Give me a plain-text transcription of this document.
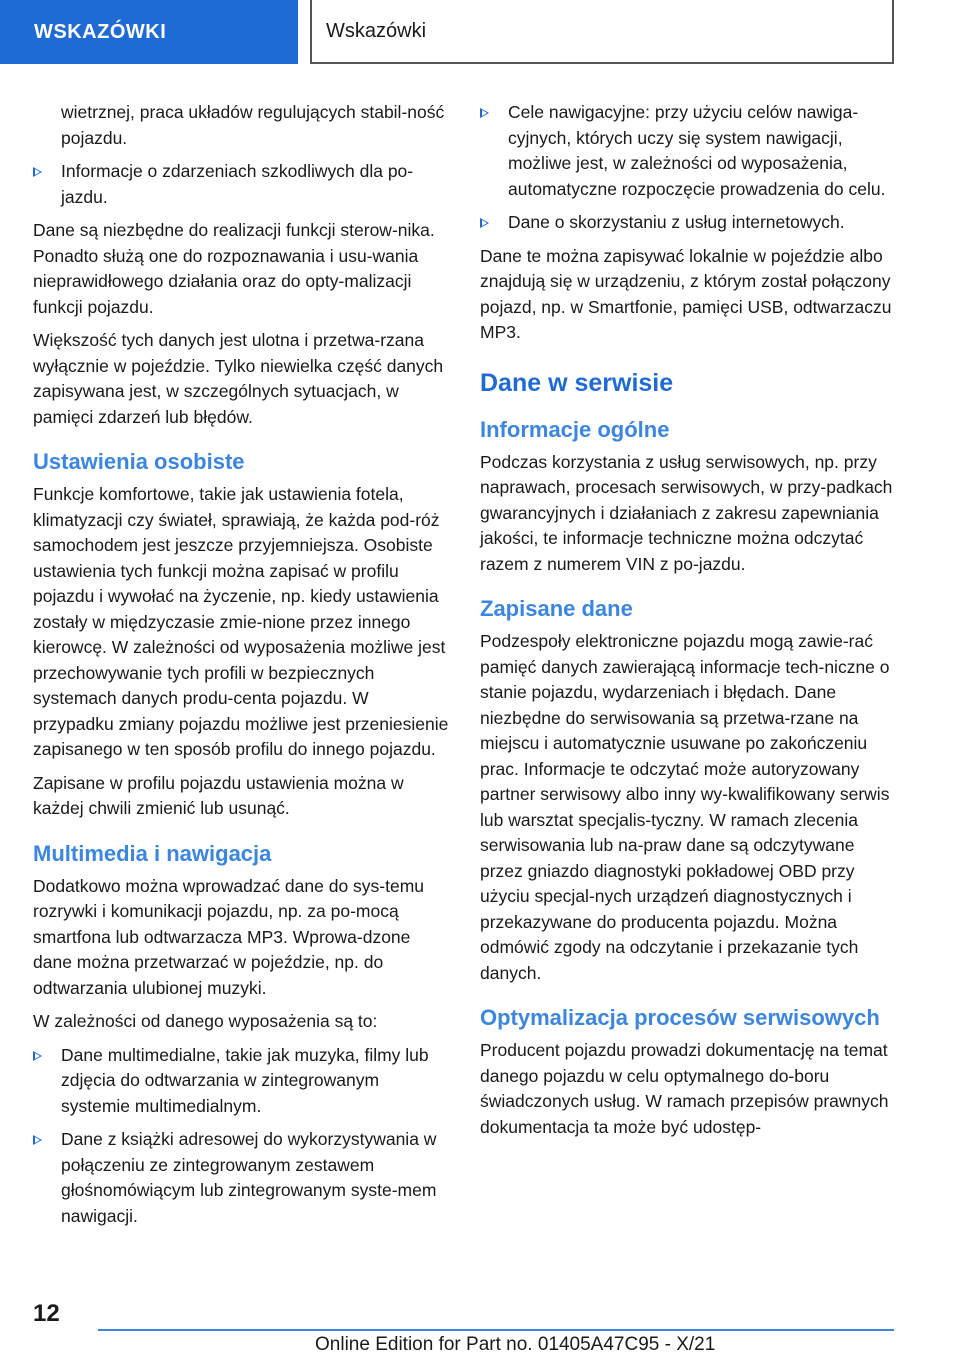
WSKAZÓWKI	Wskazówki
wietrznej, praca układów regulujących stabil-ność pojazdu.
Informacje o zdarzeniach szkodliwych dla po-jazdu.

Dane są niezbędne do realizacji funkcji sterow-nika. Ponadto służą one do rozpoznawania i usu-wania nieprawidłowego działania oraz do opty-malizacji funkcji pojazdu.

Większość tych danych jest ulotna i przetwa-rzana wyłącznie w pojeździe. Tylko niewielka część danych zapisywana jest, w szczególnych sytuacjach, w pamięci zdarzeń lub błędów.

Ustawienia osobiste

Funkcje komfortowe, takie jak ustawienia fotela, klimatyzacji czy świateł, sprawiają, że każda pod-róż samochodem jest jeszcze przyjemniejsza. Osobiste ustawienia tych funkcji można zapisać w profilu pojazdu i wywołać na życzenie, np. kiedy ustawienia zostały w międzyczasie zmie-nione przez innego kierowcę. W zależności od wyposażenia możliwe jest przechowywanie tych profili w bezpiecznych systemach danych produ-centa pojazdu. W przypadku zmiany pojazdu możliwe jest przeniesienie zapisanego w ten sposób profilu do innego pojazdu.

Zapisane w profilu pojazdu ustawienia można w każdej chwili zmienić lub usunąć.

Multimedia i nawigacja

Dodatkowo można wprowadzać dane do sys-temu rozrywki i komunikacji pojazdu, np. za po-mocą smartfona lub odtwarzacza MP3. Wprowa-dzone dane można przetwarzać w pojeździe, np. do odtwarzania ulubionej muzyki.

W zależności od danego wyposażenia są to:

Dane multimedialne, takie jak muzyka, filmy lub zdjęcia do odtwarzania w zintegrowanym systemie multimedialnym.
Dane z książki adresowej do wykorzystywania w połączeniu ze zintegrowanym zestawem głośnomówiącym lub zintegrowanym syste-mem nawigacji.
Cele nawigacyjne: przy użyciu celów nawiga-cyjnych, których uczy się system nawigacji, możliwe jest, w zależności od wyposażenia, automatyczne rozpoczęcie prowadzenia do celu.
Dane o skorzystaniu z usług internetowych.

Dane te można zapisywać lokalnie w pojeździe albo znajdują się w urządzeniu, z którym został połączony pojazd, np. w Smartfonie, pamięci USB, odtwarzaczu MP3.

Dane w serwisie
Informacje ogólne

Podczas korzystania z usług serwisowych, np. przy naprawach, procesach serwisowych, w przy-padkach gwarancyjnych i działaniach z zakresu zapewniania jakości, te informacje techniczne można odczytać razem z numerem VIN z po-jazdu.

Zapisane dane

Podzespoły elektroniczne pojazdu mogą zawie-rać pamięć danych zawierającą informacje tech-niczne o stanie pojazdu, wydarzeniach i błędach. Dane niezbędne do serwisowania są przetwa-rzane na miejscu i automatycznie usuwane po zakończeniu prac. Informacje te odczytać może autoryzowany partner serwisowy albo inny wy-kwalifikowany serwis lub warsztat specjalis-tyczny. W ramach zlecenia serwisowania lub na-praw dane są odczytywane przez gniazdo diagnostyki pokładowej OBD przy użyciu specjal-nych urządzeń diagnostycznych i przekazywane do producenta pojazdu. Można odmówić zgody na odczytanie i przekazanie tych danych.

Optymalizacja procesów serwisowych

Producent pojazdu prowadzi dokumentację na temat danego pojazdu w celu optymalnego do-boru świadczonych usług. W ramach przepisów prawnych dokumentacja ta może być udostęp-

12
Online Edition for Part no. 01405A47C95 - X/21
